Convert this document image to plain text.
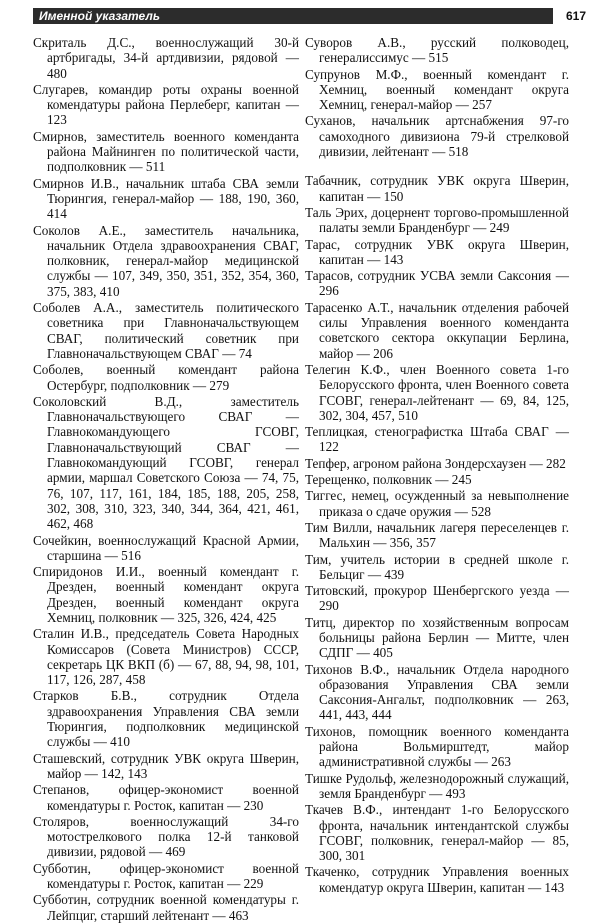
Именной указатель	617

Скриталь Д.С., военнослужащий 30-й артбригады, 34-й артдивизии, рядовой — 480

Слугарев, командир роты охраны военной комендатуры района Перлеберг, капитан — 123

Смирнов, заместитель военного коменданта района Майнинген по политической части, подполковник — 511

Смирнов И.В., начальник штаба СВА земли Тюрингия, генерал-майор — 188, 190, 360, 414

Соколов А.Е., заместитель начальника, начальник Отдела здравоохранения СВАГ, полковник, генерал-майор медицинской службы — 107, 349, 350, 351, 352, 354, 360, 375, 383, 410

Соболев А.А., заместитель политического советника при Главноначальствующем СВАГ, политический советник при Главноначальствующем СВАГ — 74

Соболев, военный комендант района Остербург, подполковник — 279

Соколовский В.Д., заместитель Главноначальствующего СВАГ — Главнокомандующего ГСОВГ, Главноначальствующий СВАГ — Главнокомандующий ГСОВГ, генерал армии, маршал Советского Союза — 74, 75, 76, 107, 117, 161, 184, 185, 188, 205, 258, 302, 308, 310, 323, 340, 344, 364, 421, 461, 462, 468

Сочейкин, военнослужащий Красной Армии, старшина — 516

Спиридонов И.И., военный комендант г. Дрезден, военный комендант округа Дрезден, военный комендант округа Хемниц, полковник — 325, 326, 424, 425

Сталин И.В., председатель Совета Народных Комиссаров (Совета Министров) СССР, секретарь ЦК ВКП (б) — 67, 88, 94, 98, 101, 117, 126, 287, 458

Старков Б.В., сотрудник Отдела здравоохранения Управления СВА земли Тюрингия, подполковник медицинской службы — 410

Сташевский, сотрудник УВК округа Шверин, майор — 142, 143

Степанов, офицер-экономист военной комендатуры г. Росток, капитан — 230

Столяров, военнослужащий 34-го мотострелкового полка 12-й танковой дивизии, рядовой — 469

Субботин, офицер-экономист военной комендатуры г. Росток, капитан — 229

Субботин, сотрудник военной комендатуры г. Лейпциг, старший лейтенант — 463

Суворов А.В., русский полководец, генералиссимус — 515

Супрунов М.Ф., военный комендант г. Хемниц, военный комендант округа Хемниц, генерал-майор — 257

Суханов, начальник артснабжения 97-го самоходного дивизиона 79-й стрелковой дивизии, лейтенант — 518

Табачник, сотрудник УВК округа Шверин, капитан — 150

Таль Эрих, доцернент торгово-промышленной палаты земли Бранденбург — 249

Тарас, сотрудник УВК округа Шверин, капитан — 143

Тарасов, сотрудник УСВА земли Саксония — 296

Тарасенко А.Т., начальник отделения рабочей силы Управления военного коменданта советского сектора оккупации Берлина, майор — 206

Телегин К.Ф., член Военного совета 1-го Белорусского фронта, член Военного совета ГСОВГ, генерал-лейтенант — 69, 84, 125, 302, 304, 457, 510

Теплицкая, стенографистка Штаба СВАГ — 122

Тепфер, агроном района Зондерсхаузен — 282

Терещенко, полковник — 245

Тиггес, немец, осужденный за невыполнение приказа о сдаче оружия — 528

Тим Вилли, начальник лагеря переселенцев г. Мальхин — 356, 357

Тим, учитель истории в средней школе г. Бельциг — 439

Титовский, прокурор Шенбергского уезда — 290

Титц, директор по хозяйственным вопросам больницы района Берлин — Митте, член СДПГ — 405

Тихонов В.Ф., начальник Отдела народного образования Управления СВА земли Саксония-Ангальт, подполковник — 263, 441, 443, 444

Тихонов, помощник военного коменданта района Вольмирштедт, майор административной службы — 263

Тишке Рудольф, железнодорожный служащий, земля Бранденбург — 493

Ткачев В.Ф., интендант 1-го Белорусского фронта, начальник интендантской службы ГСОВГ, полковник, генерал-майор — 85, 300, 301

Ткаченко, сотрудник Управления военных комендатур округа Шверин, капитан — 143
